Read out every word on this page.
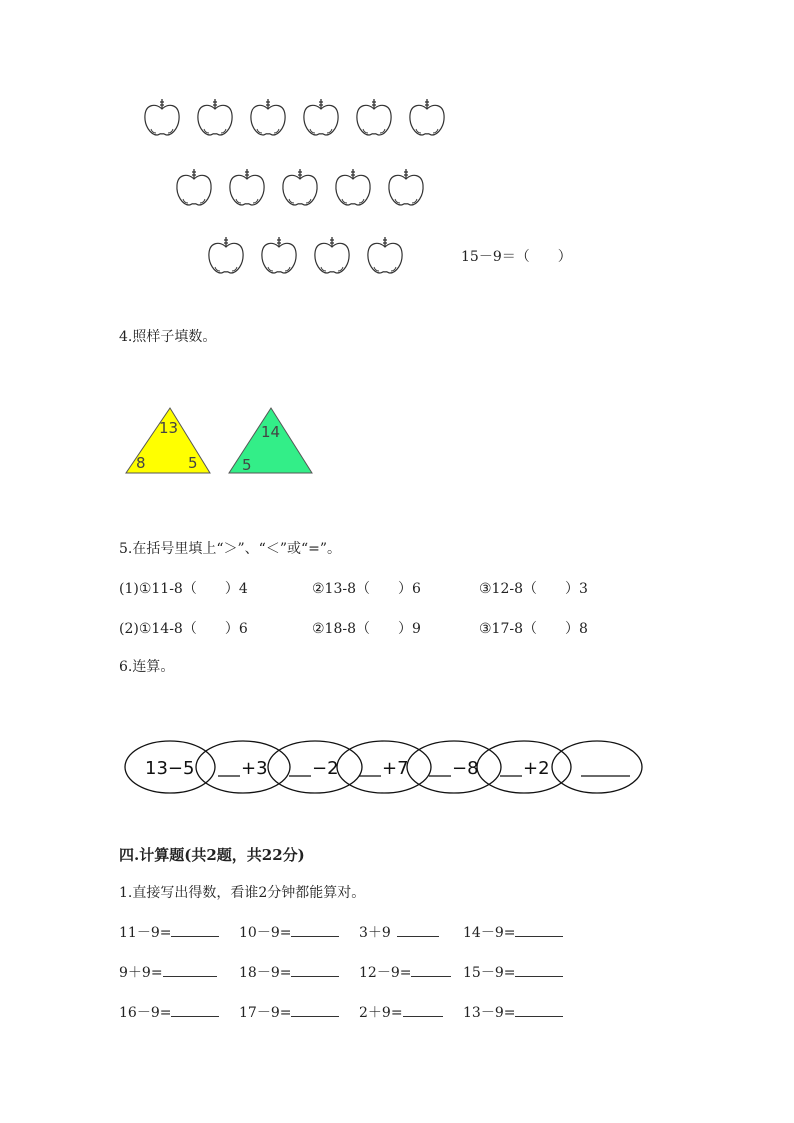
15－9＝（　　）
4.照样子填数。
13
8	5
14
5
5.在括号里填上“＞”、“＜”或“=”。
(1)①11-8（　　）4	②13-8（　　）6	③12-8（　　）3
(2)①14-8（　　）6	②18-8（　　）9	③17-8（　　）8
6.连算。
13−5	+3 −2 +7 −8 +2
四.计算题(共2题，共22分)
1.直接写出得数，看谁2分钟都能算对。
11－9=	10－9=	3＋9	14－9=
9＋9=	18－9=	12－9=	15－9=
16－9=	17－9=	2＋9=	13－9=
